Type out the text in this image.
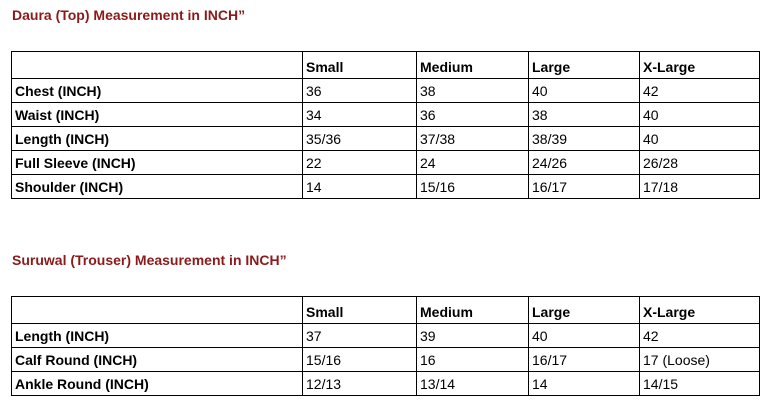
Daura (Top) Measurement in INCH”
	Small	Medium	Large	X-Large
Chest (INCH)	36	38	40	42
Waist (INCH)	34	36	38	40
Length (INCH)	35/36	37/38	38/39	40
Full Sleeve (INCH)	22	24	24/26	26/28
Shoulder (INCH)	14	15/16	16/17	17/18
Suruwal (Trouser) Measurement in INCH”
	Small	Medium	Large	X-Large
Length (INCH)	37	39	40	42
Calf Round (INCH)	15/16	16	16/17	17 (Loose)
Ankle Round (INCH)	12/13	13/14	14	14/15
